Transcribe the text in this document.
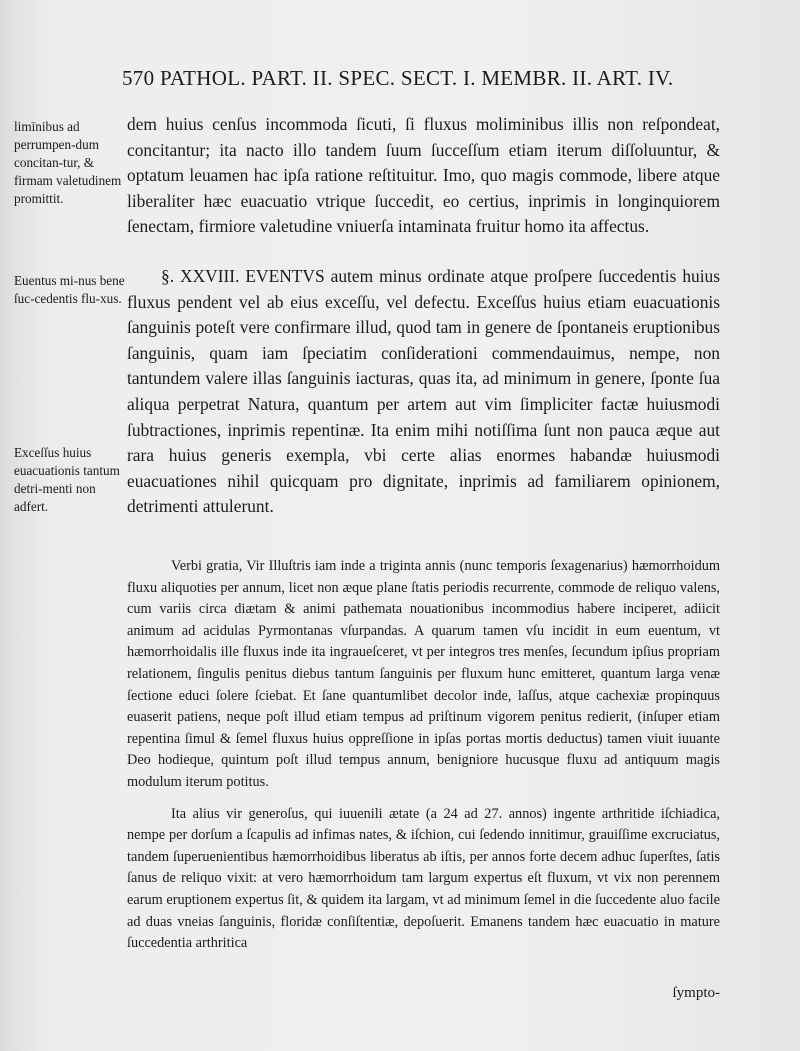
570 PATHOL. PART. II. SPEC. SECT. I. MEMBR. II. ART. IV.
limīnibus ad perrumpen-dum concitan-tur, & firmam valetudinem promittit.
Euentus mi-nus bene ſuc-cedentis flu-xus.
Exceſſus huius euacuationis tantum detri-menti non adfert.

dem huius cenſus incommoda ſicuti, ſi fluxus moliminibus illis non reſpondeat, concitantur; ita nacto illo tandem ſuum ſucceſſum etiam iterum diſſoluuntur, & optatum leuamen hac ipſa ratione reſtituitur. Imo, quo magis commode, libere atque liberaliter hæc euacuatio vtrique ſuccedit, eo certius, inprimis in longinquiorem ſenectam, firmiore valetudine vniuerſa intaminata fruitur homo ita affectus.

§. XXVIII. EVENTVS autem minus ordinate atque proſpere ſuccedentis huius fluxus pendent vel ab eius exceſſu, vel defectu. Exceſſus huius etiam euacuationis ſanguinis poteſt vere confirmare illud, quod tam in genere de ſpontaneis eruptionibus ſanguinis, quam iam ſpeciatim conſiderationi commendauimus, nempe, non tantundem valere illas ſanguinis iacturas, quas ita, ad minimum in genere, ſponte ſua aliqua perpetrat Natura, quantum per artem aut vim ſimpliciter factæ huiusmodi ſubtractiones, inprimis repentinæ. Ita enim mihi notiſſima ſunt non pauca æque aut rara huius generis exempla, vbi certe alias enormes habandæ huiusmodi euacuationes nihil quicquam pro dignitate, inprimis ad familiarem opinionem, detrimenti attulerunt.

Verbi gratia, Vir Illuſtris iam inde a triginta annis (nunc temporis ſexagenarius) hæmorrhoidum fluxu aliquoties per annum, licet non æque plane ſtatis periodis recurrente, commode de reliquo valens, cum variis circa diætam & animi pathemata nouationibus incommodius habere inciperet, adiicit animum ad acidulas Pyrmontanas vſurpandas. A quarum tamen vſu incidit in eum euentum, vt hæmorrhoidalis ille fluxus inde ita ingraueſceret, vt per integros tres menſes, ſecundum ipſius propriam relationem, ſingulis penitus diebus tantum ſanguinis per fluxum hunc emitteret, quantum larga venæ ſectione educi ſolere ſciebat. Et ſane quantumlibet decolor inde, laſſus, atque cachexiæ propinquus euaserit patiens, neque poſt illud etiam tempus ad priſtinum vigorem penitus redierit, (inſuper etiam repentina ſimul & ſemel fluxus huius oppreſſione in ipſas portas mortis deductus) tamen viuit iuuante Deo hodieque, quintum poſt illud tempus annum, benigniore hucusque fluxu ad antiquum magis modulum iterum potitus.

Ita alius vir generoſus, qui iuuenili ætate (a 24 ad 27. annos) ingente arthritide iſchiadica, nempe per dorſum a ſcapulis ad infimas nates, & iſchion, cui ſedendo innitimur, grauiſſime excruciatus, tandem ſuperuenientibus hæmorrhoidibus liberatus ab iſtis, per annos forte decem adhuc ſuperſtes, ſatis ſanus de reliquo vixit: at vero hæmorrhoidum tam largum expertus eſt fluxum, vt vix non perennem earum eruptionem expertus ſit, & quidem ita largam, vt ad minimum ſemel in die ſuccedente aluo facile ad duas vneias ſanguinis, floridæ conſiſtentiæ, depoſuerit. Emanens tandem hæc euacuatio in mature ſuccedentia arthritica

ſympto-
